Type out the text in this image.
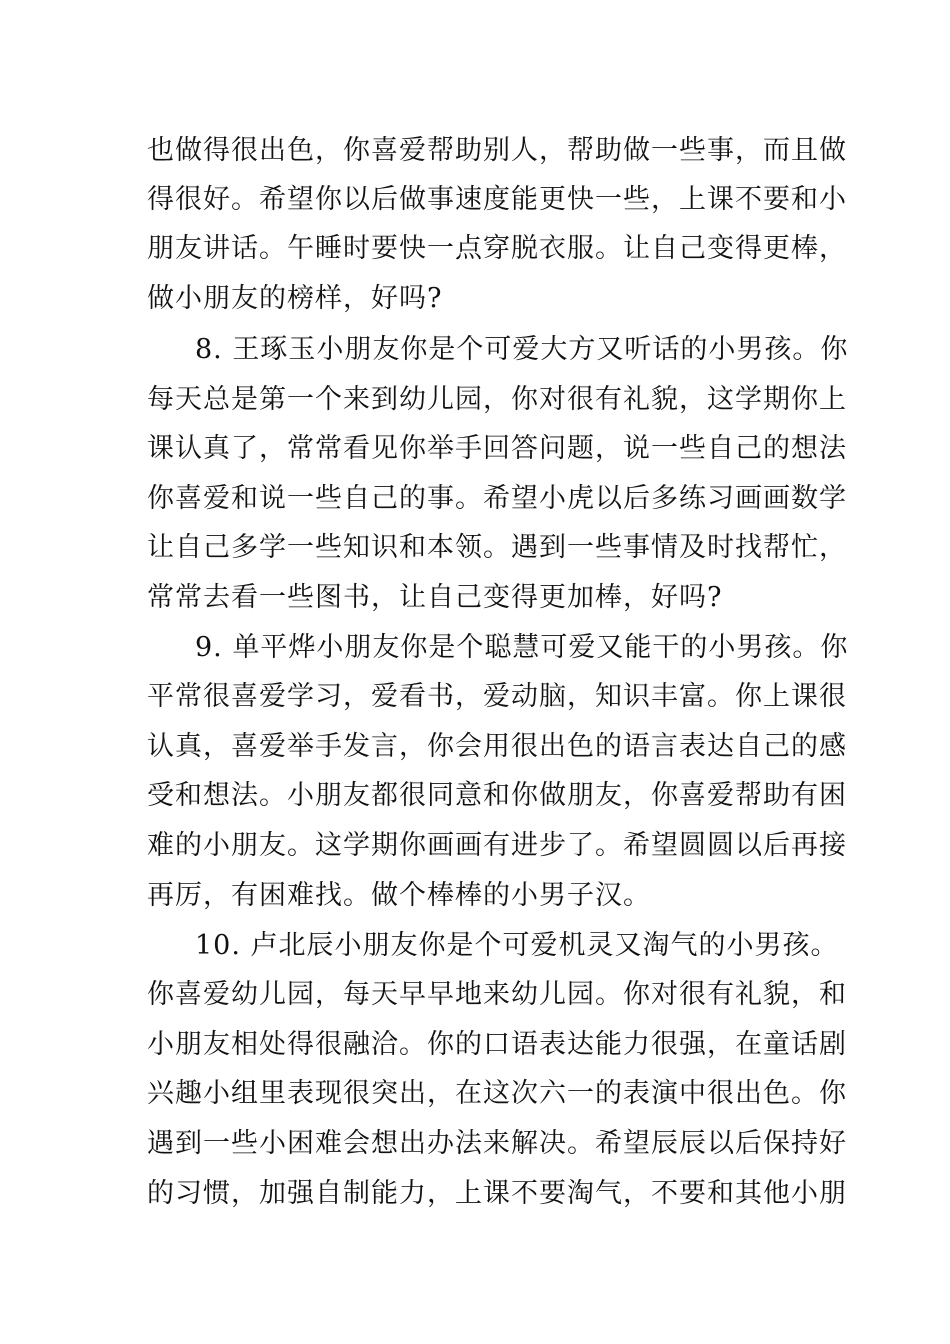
也做得很出色，你喜爱帮助别人，帮助做一些事，而且做
得很好。希望你以后做事速度能更快一些，上课不要和小
朋友讲话。午睡时要快一点穿脱衣服。让自己变得更棒，
做小朋友的榜样，好吗?
8. 王琢玉小朋友你是个可爱大方又听话的小男孩。你
每天总是第一个来到幼儿园，你对很有礼貌，这学期你上
课认真了，常常看见你举手回答问题，说一些自己的想法
你喜爱和说一些自己的事。希望小虎以后多练习画画数学
让自己多学一些知识和本领。遇到一些事情及时找帮忙，
常常去看一些图书，让自己变得更加棒，好吗?
9. 单平烨小朋友你是个聪慧可爱又能干的小男孩。你
平常很喜爱学习，爱看书，爱动脑，知识丰富。你上课很
认真，喜爱举手发言，你会用很出色的语言表达自己的感
受和想法。小朋友都很同意和你做朋友，你喜爱帮助有困
难的小朋友。这学期你画画有进步了。希望圆圆以后再接
再厉，有困难找。做个棒棒的小男子汉。
10. 卢北辰小朋友你是个可爱机灵又淘气的小男孩。
你喜爱幼儿园，每天早早地来幼儿园。你对很有礼貌，和
小朋友相处得很融洽。你的口语表达能力很强，在童话剧
兴趣小组里表现很突出，在这次六一的表演中很出色。你
遇到一些小困难会想出办法来解决。希望辰辰以后保持好
的习惯，加强自制能力，上课不要淘气，不要和其他小朋
